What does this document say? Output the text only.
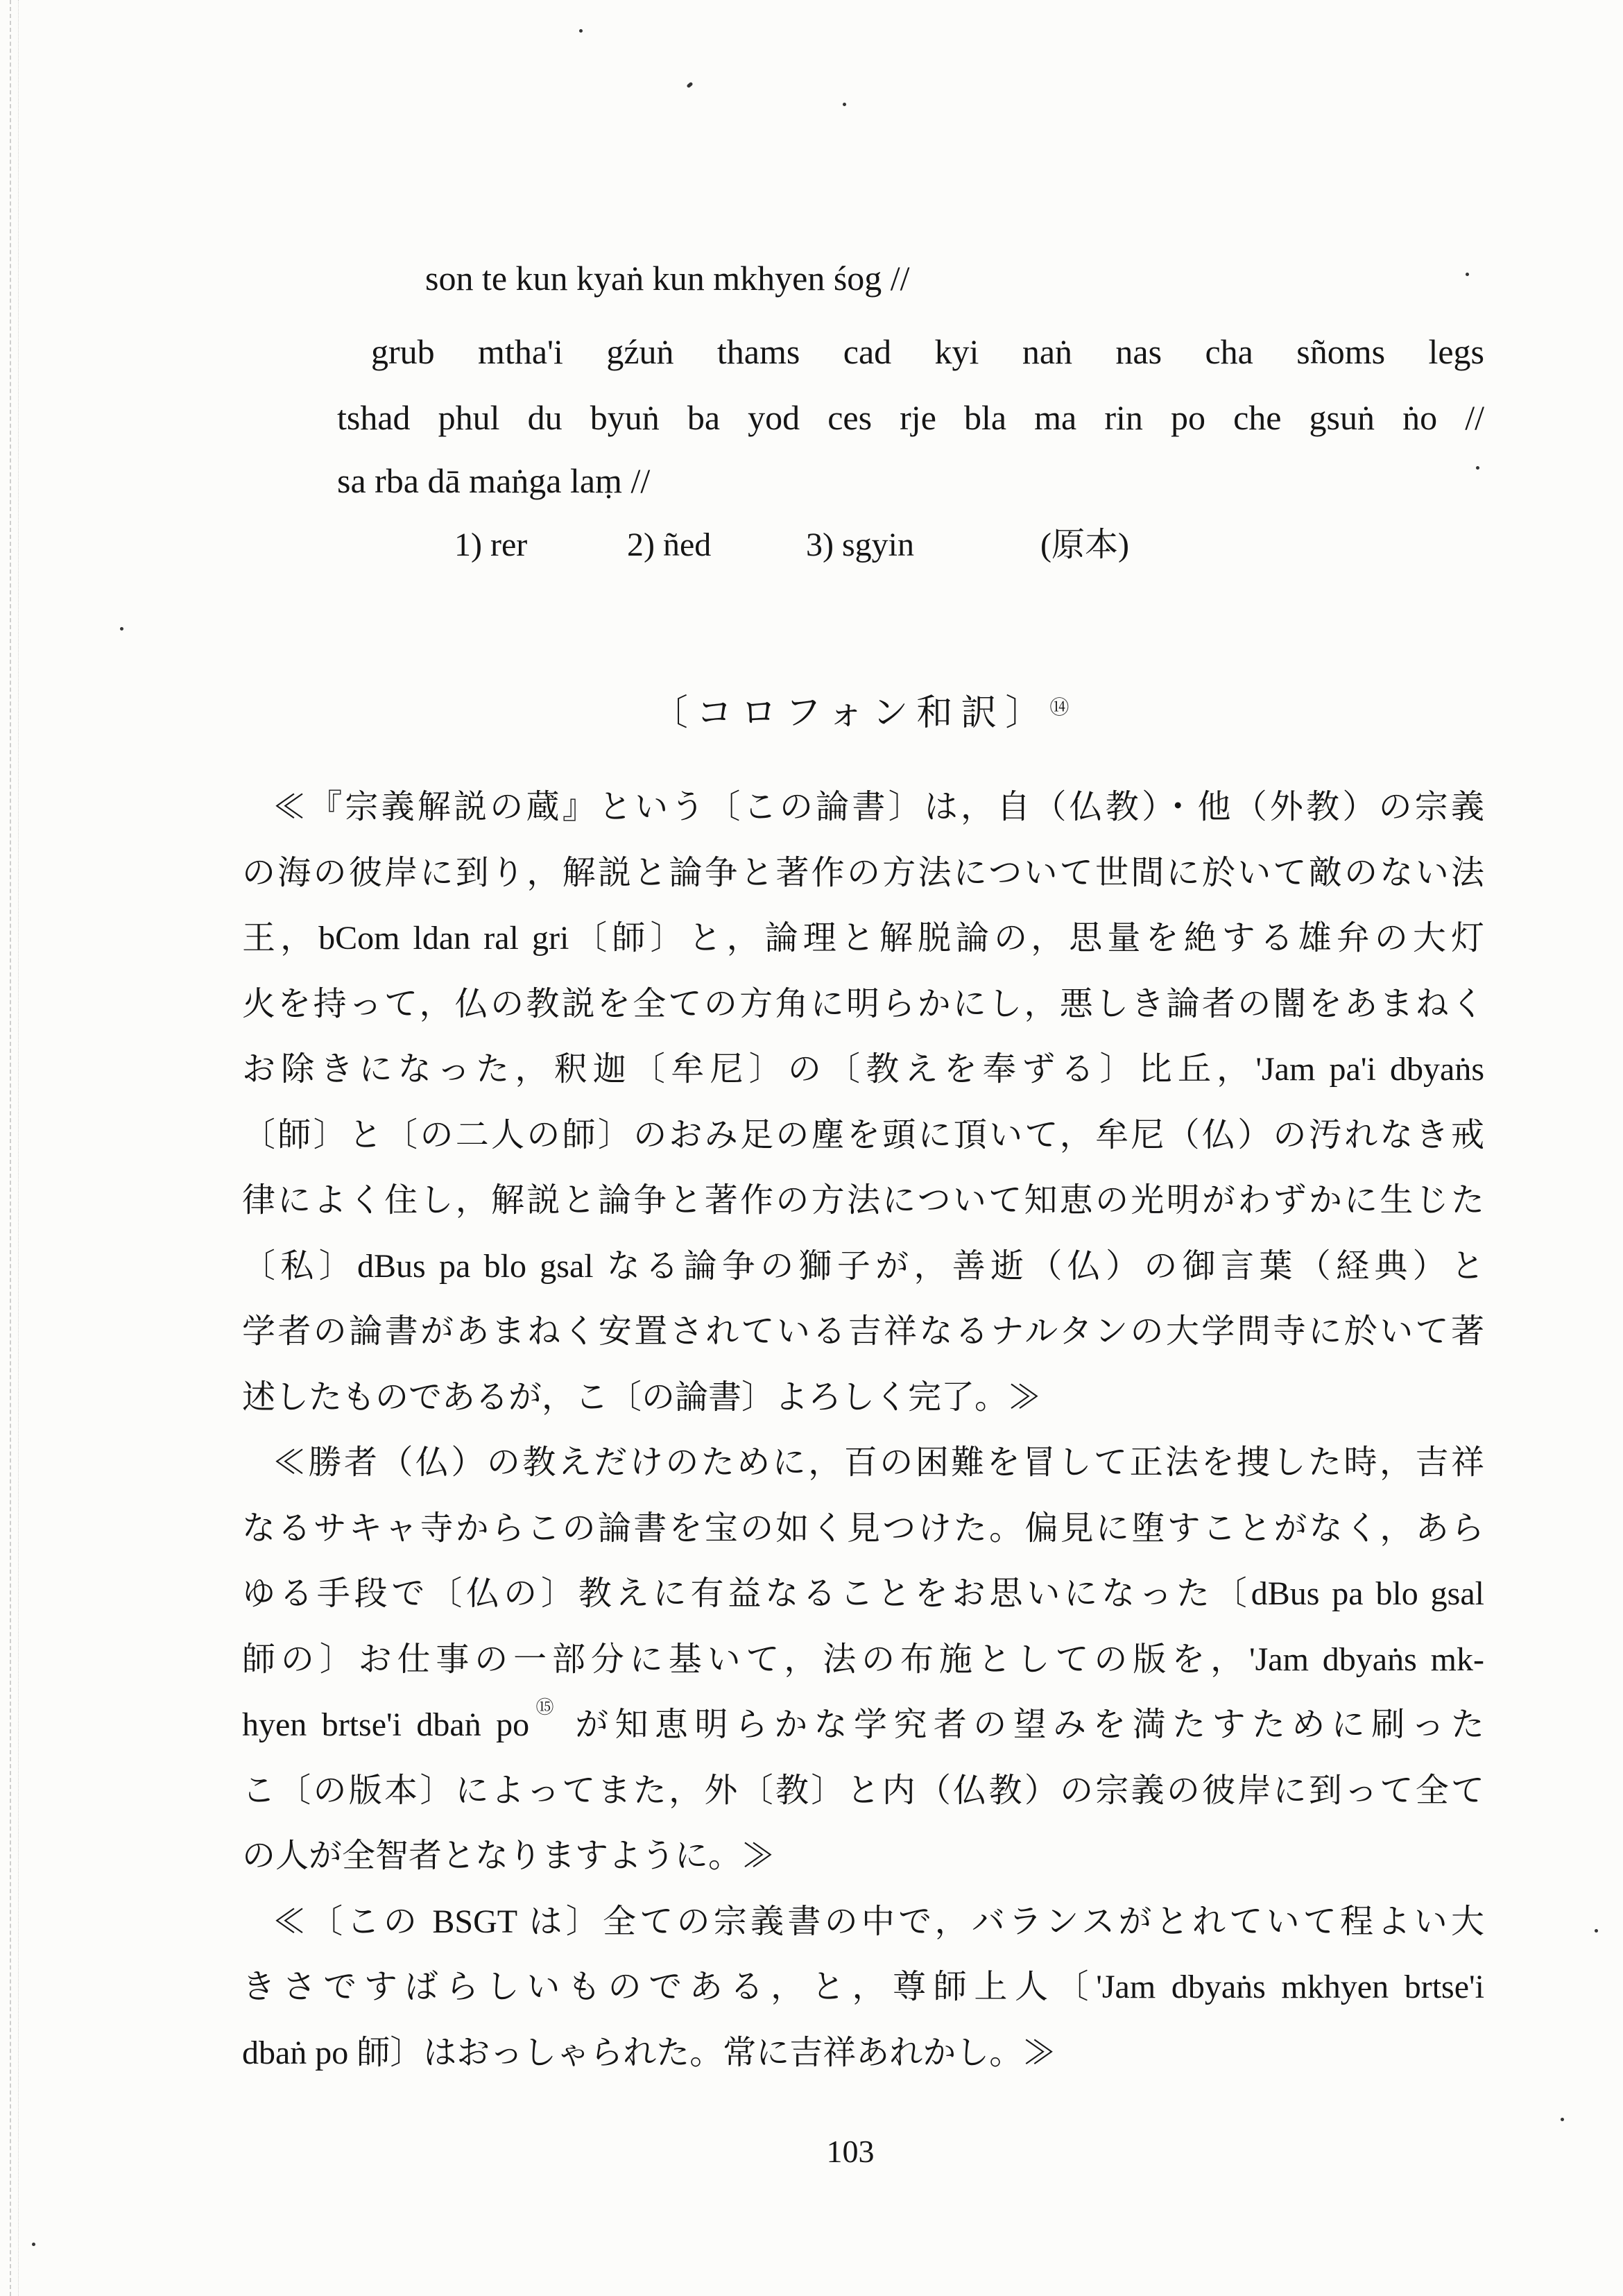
son te kun kyaṅ kun mkhyen śog //
grub mtha'i gźuṅ thams cad kyi naṅ nas cha sñoms legs
tshad phul du byuṅ ba yod ces rje bla ma rin po che gsuṅ ṅo //
sa rba dā maṅga laṃ //
1) rer	2) ñed	3) sgyin	(原本)
〔コロフォン和訳〕⑭
≪『宗義解説の蔵』という〔この論書〕は，自（仏教）・他（外教）の宗義
の海の彼岸に到り，解説と論争と著作の方法について世間に於いて敵のない法
王，bCom ldan ral gri〔師〕と，論理と解脱論の，思量を絶する雄弁の大灯
火を持って，仏の教説を全ての方角に明らかにし，悪しき論者の闇をあまねく
お除きになった，釈迦〔牟尼〕の〔教えを奉ずる〕比丘，'Jam pa'i dbyaṅs
〔師〕と〔の二人の師〕のおみ足の塵を頭に頂いて，牟尼（仏）の汚れなき戒
律によく住し，解説と論争と著作の方法について知恵の光明がわずかに生じた
〔私〕dBus pa blo gsal なる論争の獅子が，善逝（仏）の御言葉（経典）と
学者の論書があまねく安置されている吉祥なるナルタンの大学問寺に於いて著
述したものであるが，こ〔の論書〕よろしく完了。≫
≪勝者（仏）の教えだけのために，百の困難を冒して正法を捜した時，吉祥
なるサキャ寺からこの論書を宝の如く見つけた。偏見に堕すことがなく，あら
ゆる手段で〔仏の〕教えに有益なることをお思いになった〔dBus pa blo gsal
師の〕お仕事の一部分に基いて，法の布施としての版を，'Jam dbyaṅs mk-
hyen brtse'i dbaṅ po⑮ が知恵明らかな学究者の望みを満たすために刷った
こ〔の版本〕によってまた，外〔教〕と内（仏教）の宗義の彼岸に到って全て
の人が全智者となりますように。≫
≪〔この BSGT は〕全ての宗義書の中で，バランスがとれていて程よい大
きさですばらしいものである，と，尊師上人〔'Jam dbyaṅs mkhyen brtse'i
dbaṅ po 師〕はおっしゃられた。常に吉祥あれかし。≫
103
